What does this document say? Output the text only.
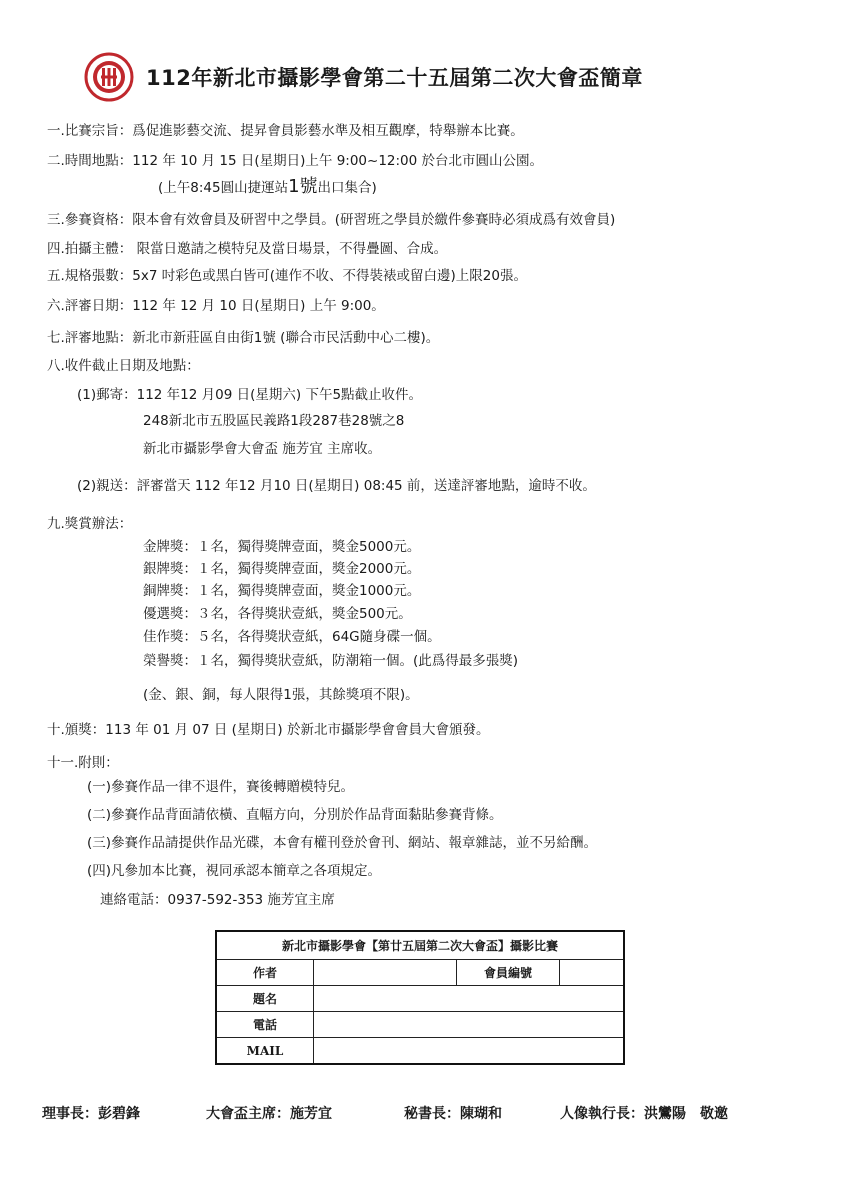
112年新北市攝影學會第二十五屆第二次大會盃簡章
一.比賽宗旨：爲促進影藝交流、提昇會員影藝水準及相互觀摩，特舉辦本比賽。
二.時間地點：112 年 10 月 15 日(星期日)上午 9:00~12:00 於台北市圓山公園。
(上午8:45圓山捷運站1號出口集合)
三.參賽資格：限本會有效會員及研習中之學員。(研習班之學員於繳件參賽時必須成爲有效會員)
四.拍攝主體： 限當日邀請之模特兒及當日場景，不得疊圖、合成。
五.規格張數：5x7 吋彩色或黑白皆可(連作不收、不得裝裱或留白邊)上限20張。
六.評審日期：112 年 12 月 10 日(星期日) 上午 9:00。
七.評審地點：新北市新莊區自由街1號 (聯合市民活動中心二樓)。
八.收件截止日期及地點：
(1)郵寄：112 年12 月09 日(星期六) 下午5點截止收件。
248新北市五股區民義路1段287巷28號之8
新北市攝影學會大會盃 施芳宜 主席收。
(2)親送：評審當天 112 年12 月10 日(星期日) 08:45 前，送達評審地點，逾時不收。
九.獎賞辦法：
金牌獎：１名，獨得獎牌壹面，獎金5000元。
銀牌獎：１名，獨得獎牌壹面，獎金2000元。
銅牌獎：１名，獨得獎牌壹面，獎金1000元。
優選獎：３名，各得獎狀壹紙，獎金500元。
佳作獎：５名，各得獎狀壹紙，64G隨身碟一個。
榮譽獎：１名，獨得獎狀壹紙，防潮箱一個。(此爲得最多張獎)
(金、銀、銅，每人限得1張，其餘獎項不限)。
十.頒獎：113 年 01 月 07 日 (星期日) 於新北市攝影學會會員大會頒發。
十一.附則：
(一)參賽作品一律不退件，賽後轉贈模特兒。
(二)參賽作品背面請依橫、直幅方向，分別於作品背面黏貼參賽背條。
(三)參賽作品請提供作品光碟，本會有權刊登於會刊、網站、報章雜誌，並不另給酬。
(四)凡參加本比賽，視同承認本簡章之各項規定。
連絡電話：0937-592-353 施芳宜主席
新北市攝影學會【第廿五屆第二次大會盃】攝影比賽			
作者		會員編號	
題名			
電話			
MAIL			
理事長：彭碧鋒	大會盃主席：施芳宜	秘書長：陳瑚和	人像執行長：洪鸞陽　敬邀
